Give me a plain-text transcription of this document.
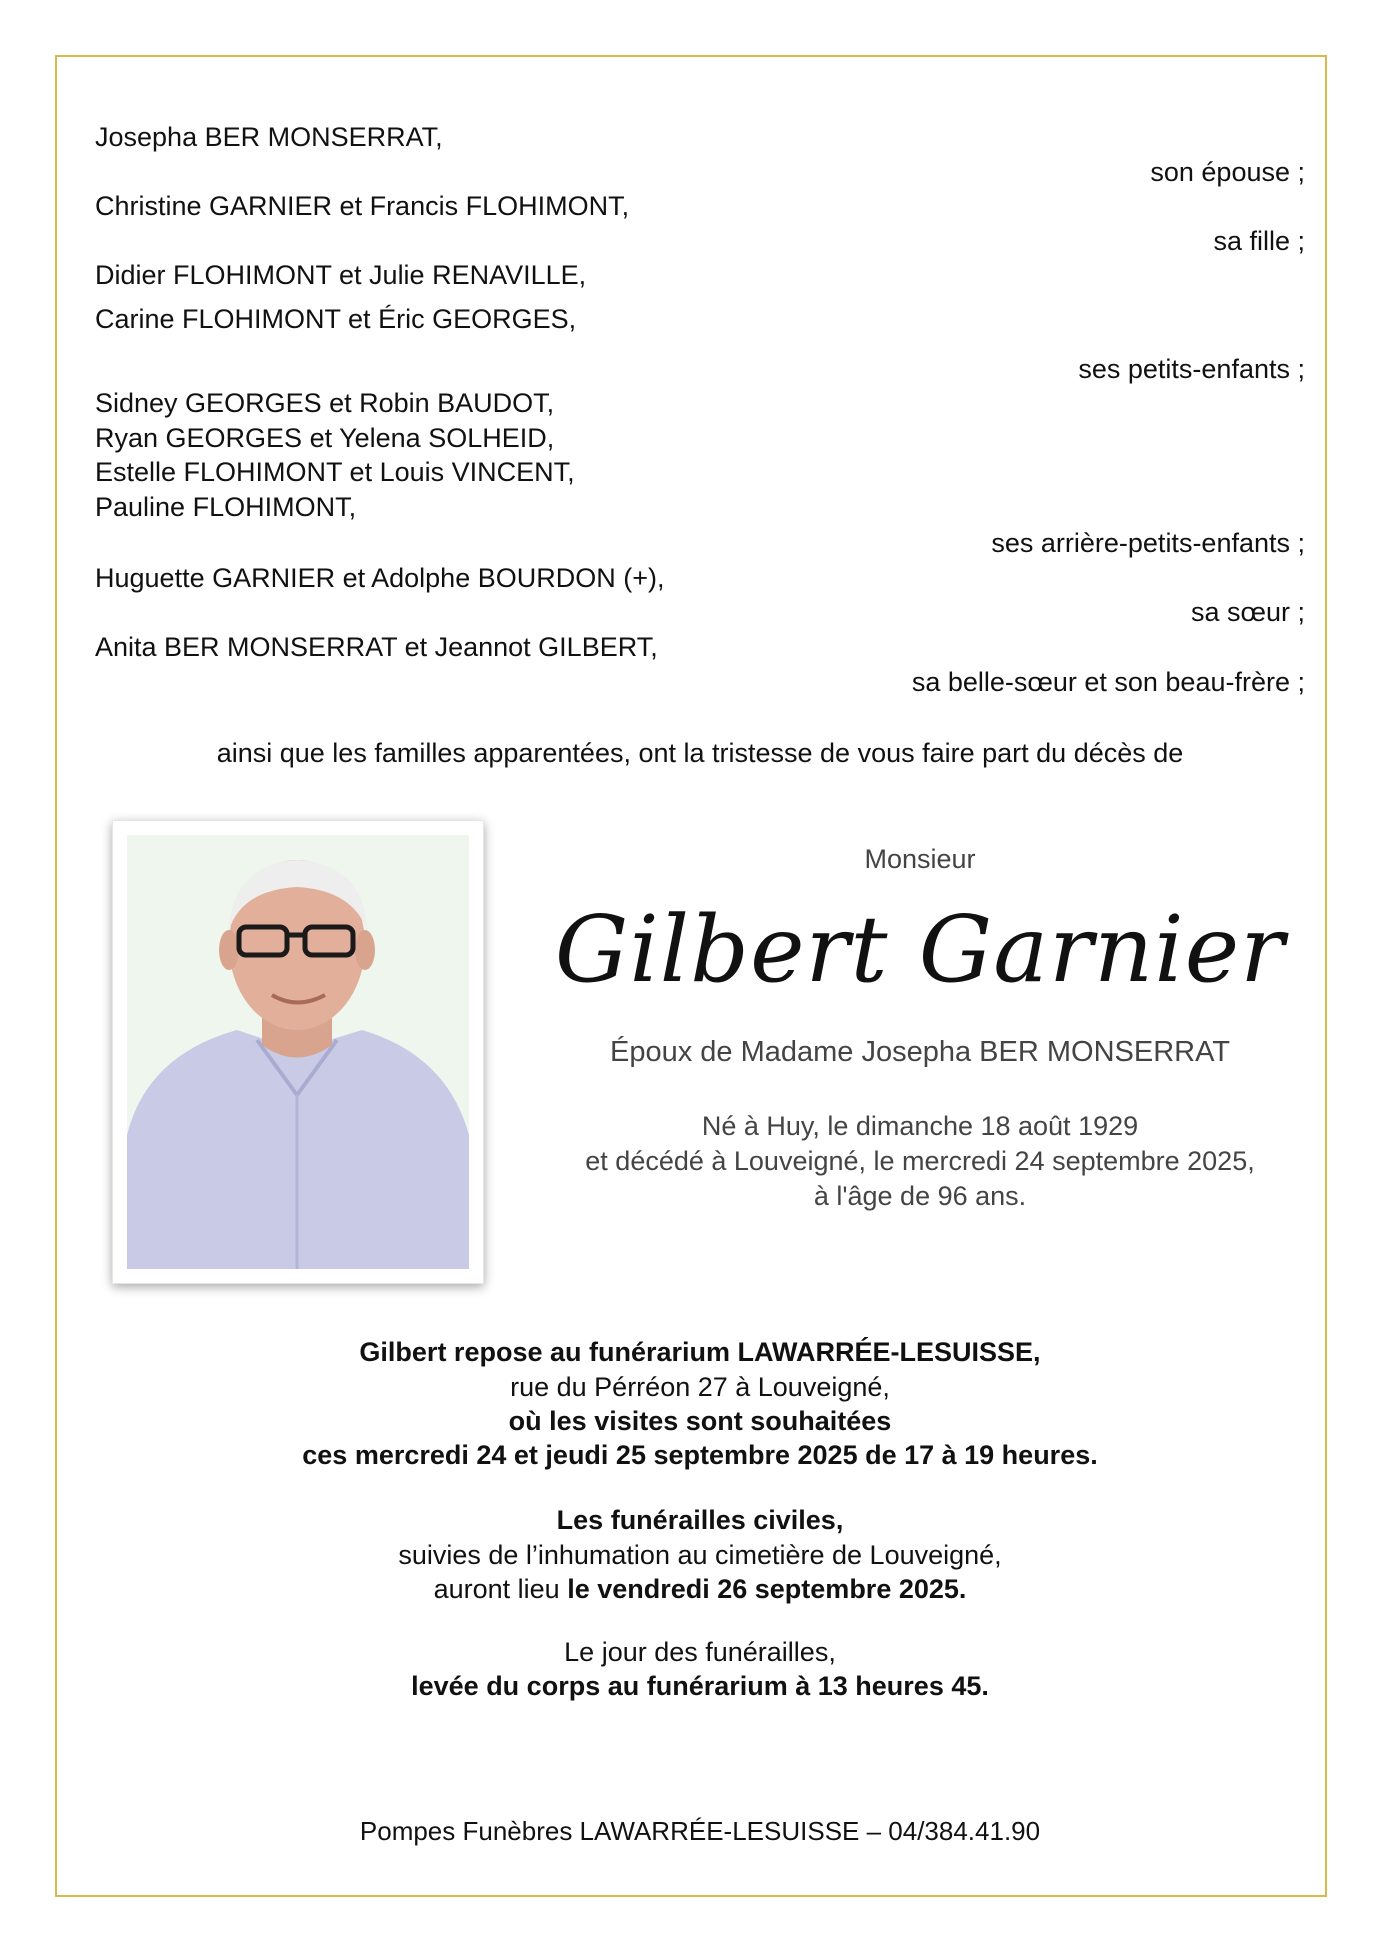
Josepha BER MONSERRAT,
son épouse ;
Christine GARNIER et Francis FLOHIMONT,
sa fille ;
Didier FLOHIMONT et Julie RENAVILLE,
Carine FLOHIMONT et Éric GEORGES,
ses petits-enfants ;
Sidney GEORGES et Robin BAUDOT,
Ryan GEORGES et Yelena SOLHEID,
Estelle FLOHIMONT et Louis VINCENT,
Pauline FLOHIMONT,
ses arrière-petits-enfants ;
Huguette GARNIER et Adolphe BOURDON (+),
sa sœur ;
Anita BER MONSERRAT et Jeannot GILBERT,
sa belle-sœur et son beau-frère ;
ainsi que les familles apparentées, ont la tristesse de vous faire part du décès de
Monsieur
Gilbert Garnier
Époux de Madame Josepha BER MONSERRAT
Né à Huy, le dimanche 18 août 1929
et décédé à Louveigné, le mercredi 24 septembre 2025,
à l'âge de 96 ans.
Gilbert repose au funérarium LAWARRÉE-LESUISSE,
rue du Pérréon 27 à Louveigné,
où les visites sont souhaitées
ces mercredi 24 et jeudi 25 septembre 2025 de 17 à 19 heures.
Les funérailles civiles,
suivies de l’inhumation au cimetière de Louveigné,
auront lieu le vendredi 26 septembre 2025.
Le jour des funérailles,
levée du corps au funérarium à 13 heures 45.
Pompes Funèbres LAWARRÉE-LESUISSE – 04/384.41.90
